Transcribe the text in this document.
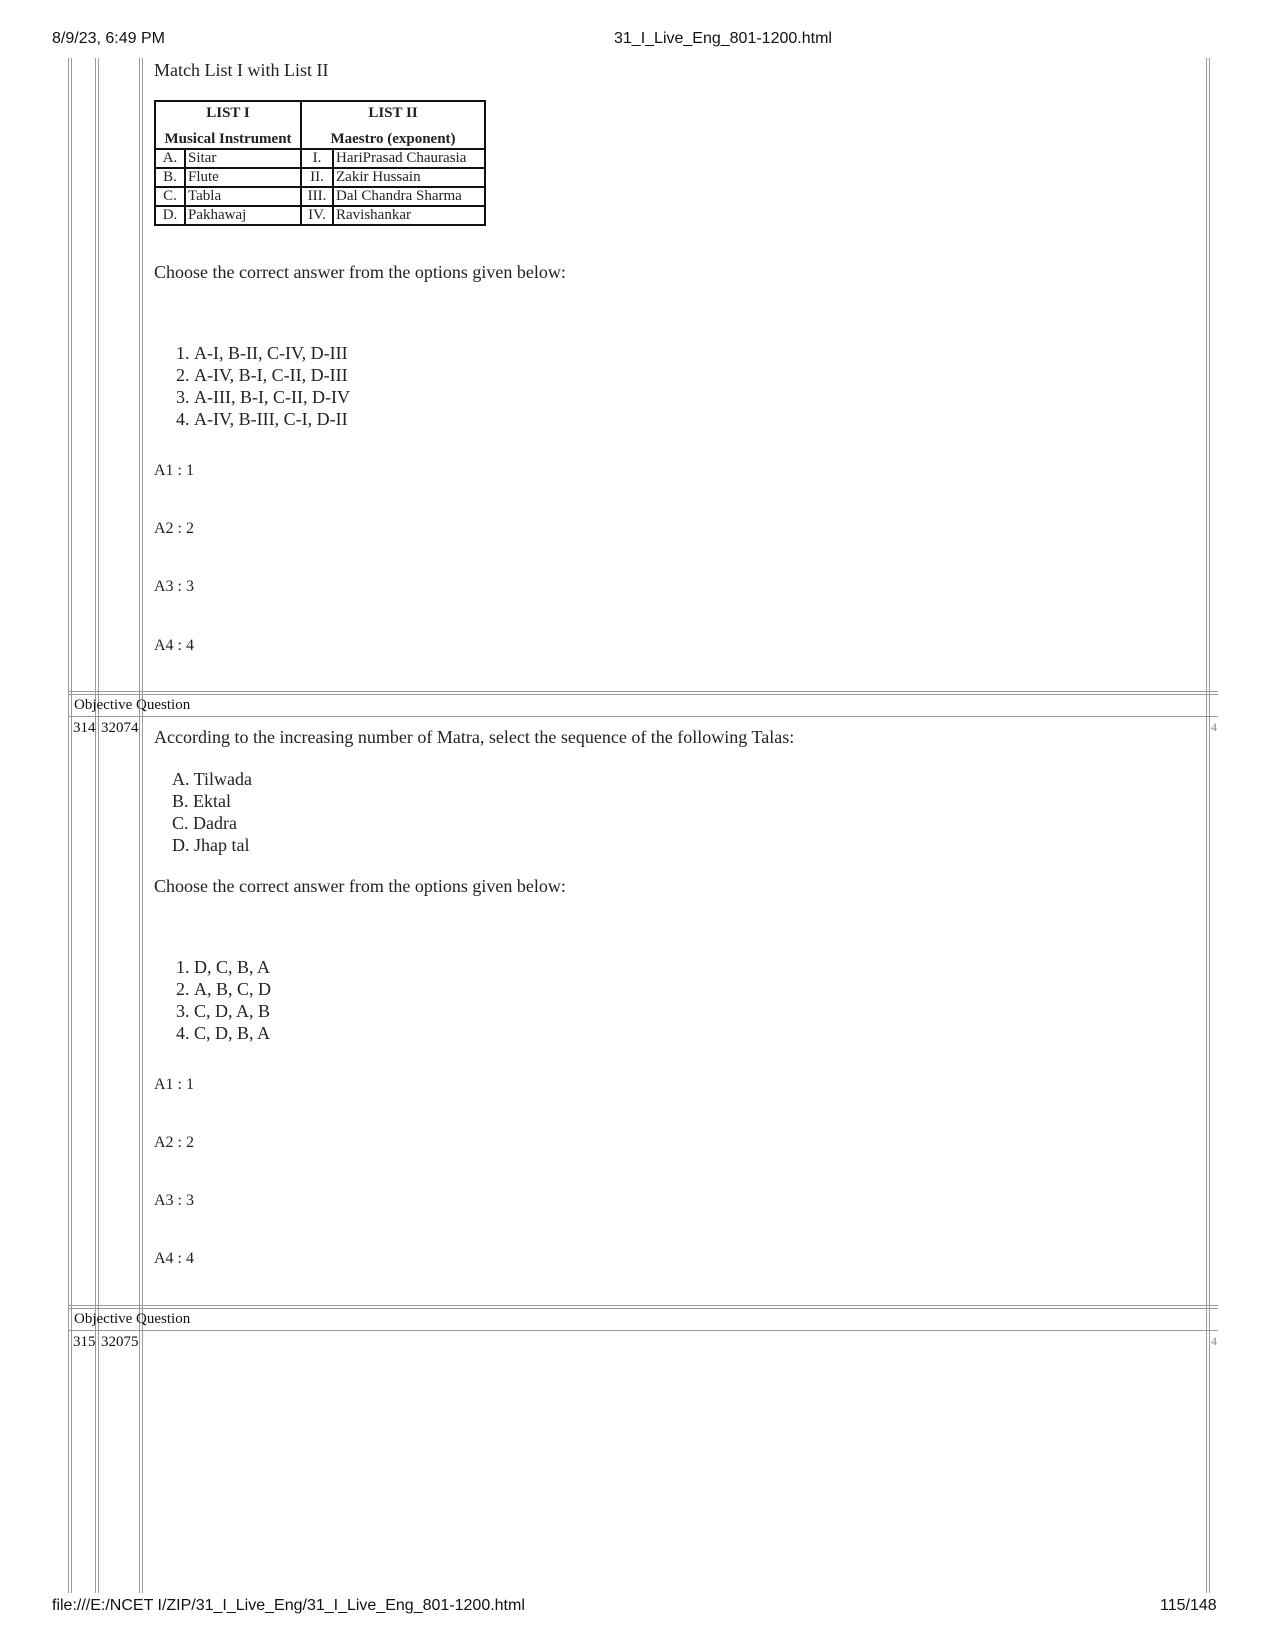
8/9/23, 6:49 PM	31_I_Live_Eng_801-1200.html
file:///E:/NCET I/ZIP/31_I_Live_Eng/31_I_Live_Eng_801-1200.html	115/148
Match List I with List II
LIST I		LIST II	
Musical Instrument		Maestro (exponent)	
A.	Sitar	I.	HariPrasad Chaurasia
B.	Flute	II.	Zakir Hussain
C.	Tabla	III.	Dal Chandra Sharma
D.	Pakhawaj	IV.	Ravishankar
Choose the correct answer from the options given below:
1. A-I, B-II, C-IV, D-III
2. A-IV, B-I, C-II, D-III
3. A-III, B-I, C-II, D-IV
4. A-IV, B-III, C-I, D-II
A1 : 1
A2 : 2
A3 : 3
A4 : 4
Objective Question
314 32074	4
According to the increasing number of Matra, select the sequence of the following Talas:
A. Tilwada
B. Ektal
C. Dadra
D. Jhap tal
Choose the correct answer from the options given below:
1. D, C, B, A
2. A, B, C, D
3. C, D, A, B
4. C, D, B, A
A1 : 1
A2 : 2
A3 : 3
A4 : 4
Objective Question
315 32075	4
